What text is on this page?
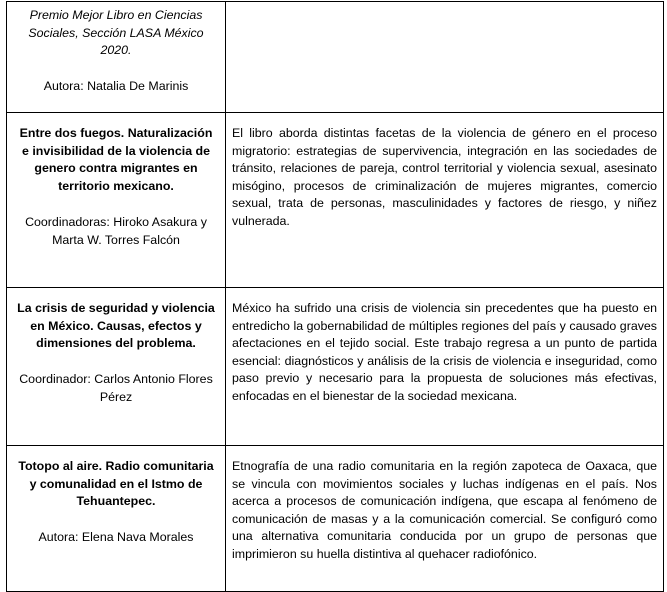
Premio Mejor Libro en Ciencias Sociales, Sección LASA México 2020.
Autora: Natalia De Marinis	

Entre dos fuegos. Naturalización e invisibilidad de la violencia de genero contra migrantes en territorio mexicano.
Coordinadoras: Hiroko Asakura y Marta W. Torres Falcón	El libro aborda distintas facetas de la violencia de género en el proceso migratorio: estrategias de supervivencia, integración en las sociedades de tránsito, relaciones de pareja, control territorial y violencia sexual, asesinato misógino, procesos de criminalización de mujeres migrantes, comercio sexual, trata de personas, masculinidades y factores de riesgo, y niñez vulnerada.

La crisis de seguridad y violencia en México. Causas, efectos y dimensiones del problema.
Coordinador: Carlos Antonio Flores Pérez	México ha sufrido una crisis de violencia sin precedentes que ha puesto en entredicho la gobernabilidad de múltiples regiones del país y causado graves afectaciones en el tejido social. Este trabajo regresa a un punto de partida esencial: diagnósticos y análisis de la crisis de violencia e inseguridad, como paso previo y necesario para la propuesta de soluciones más efectivas, enfocadas en el bienestar de la sociedad mexicana.

Totopo al aire. Radio comunitaria y comunalidad en el Istmo de Tehuantepec.
Autora: Elena Nava Morales	Etnografía de una radio comunitaria en la región zapoteca de Oaxaca, que se vincula con movimientos sociales y luchas indígenas en el país. Nos acerca a procesos de comunicación indígena, que escapa al fenómeno de comunicación de masas y a la comunicación comercial. Se configuró como una alternativa comunitaria conducida por un grupo de personas que imprimieron su huella distintiva al quehacer radiofónico.
